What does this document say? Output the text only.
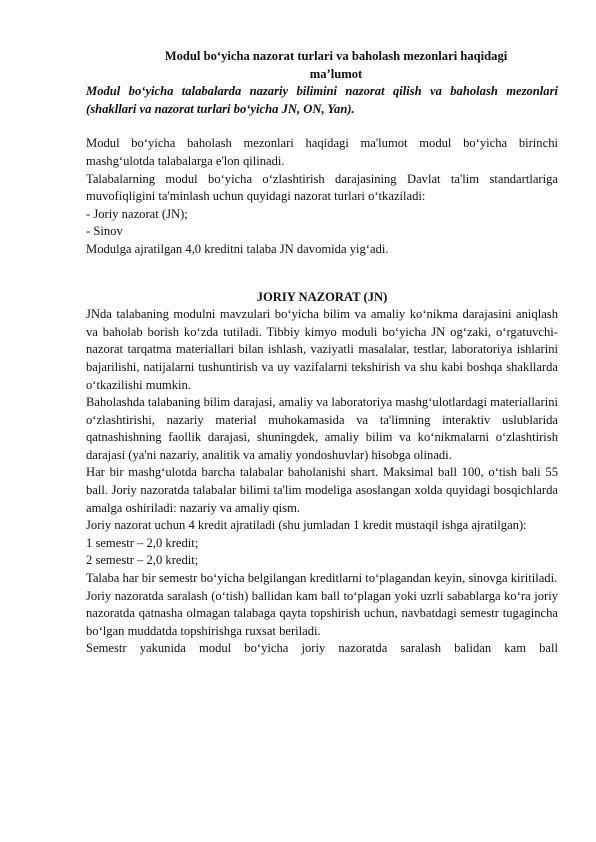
Modul bo‘yicha nazorat turlari va baholash mezonlari haqidagi
ma’lumot

Modul bo‘yicha talabalarda nazariy bilimini nazorat qilish va baholash mezonlari (shakllari va nazorat turlari bo‘yicha JN, ON, Yan).

Modul bo‘yicha baholash mezonlari haqidagi ma'lumot modul bo‘yicha birinchi mashg‘ulotda talabalarga e'lon qilinadi.

Talabalarning modul bo‘yicha o‘zlashtirish darajasining Davlat ta'lim standartlariga muvofiqligini ta'minlash uchun quyidagi nazorat turlari o‘tkaziladi:

- Joriy nazorat (JN);

- Sinov

Modulga ajratilgan 4,0 kreditni talaba JN davomida yig‘adi.

JORIY NAZORAT (JN)

JNda talabaning modulni mavzulari bo‘yicha bilim va amaliy ko‘nikma darajasini aniqlash va baholab borish ko‘zda tutiladi. Tibbiy kimyo moduli bo‘yicha JN og‘zaki, o‘rgatuvchi-nazorat tarqatma materiallari bilan ishlash, vaziyatli masalalar, testlar, laboratoriya ishlarini bajarilishi, natijalarni tushuntirish va uy vazifalarni tekshirish va shu kabi boshqa shakllarda o‘tkazilishi mumkin.

Baholashda talabaning bilim darajasi, amaliy va laboratoriya mashg‘ulotlardagi materiallarini o‘zlashtirishi, nazariy material muhokamasida va ta'limning interaktiv uslublarida qatnashishning faollik darajasi, shuningdek, amaliy bilim va ko‘nikmalarni o‘zlashtirish darajasi (ya'ni nazariy, analitik va amaliy yondoshuvlar) hisobga olinadi.

Har bir mashg‘ulotda barcha talabalar baholanishi shart. Maksimal ball 100, o‘tish bali 55 ball. Joriy nazoratda talabalar bilimi ta'lim modeliga asoslangan xolda quyidagi bosqichlarda amalga oshiriladi: nazariy va amaliy qism.

Joriy nazorat uchun 4 kredit ajratiladi (shu jumladan 1 kredit mustaqil ishga ajratilgan):

1 semestr – 2,0 kredit;

2 semestr – 2,0 kredit;

Talaba har bir semestr bo‘yicha belgilangan kreditlarni to‘plagandan keyin, sinovga kiritiladi.

Joriy nazoratda saralash (o‘tish) ballidan kam ball to‘plagan yoki uzrli sabablarga ko‘ra joriy nazoratda qatnasha olmagan talabaga qayta topshirish uchun, navbatdagi semestr tugagincha bo‘lgan muddatda topshirishga ruxsat beriladi.

Semestr yakunida modul bo‘yicha joriy nazoratda saralash balidan kam ball
